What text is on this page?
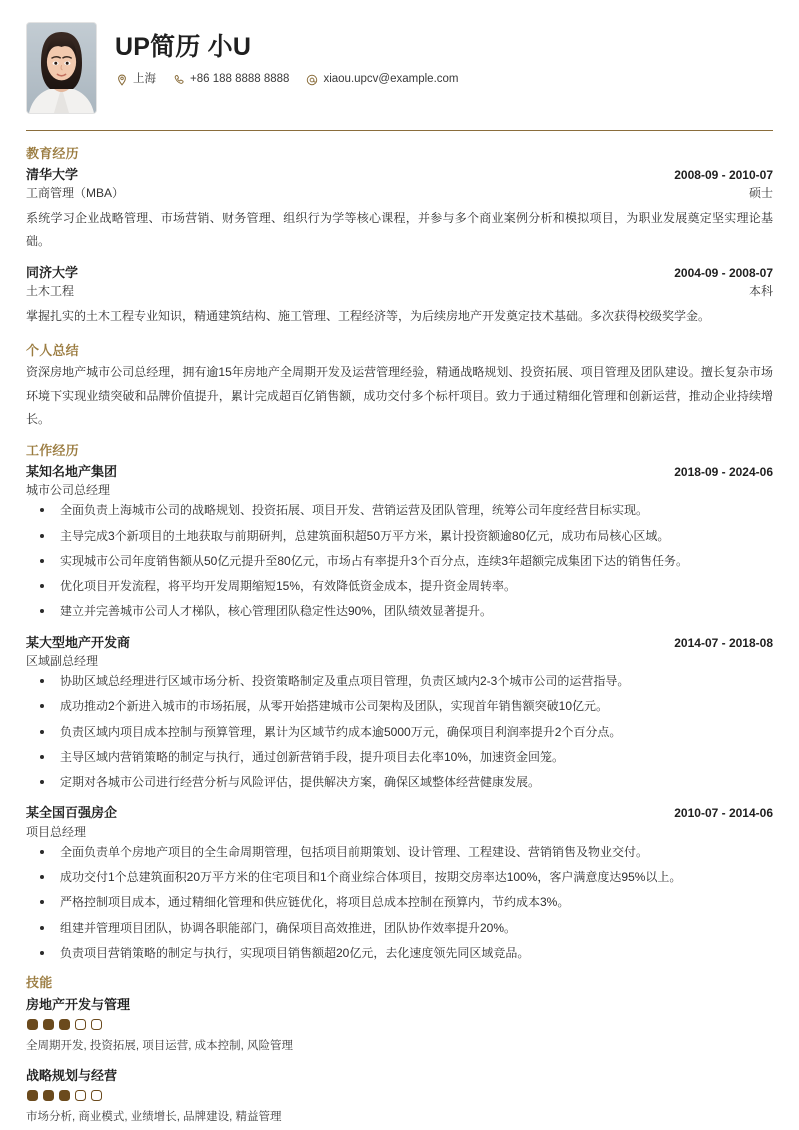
UP简历 小U
上海	+86 188 8888 8888	xiaou.upcv@example.com
教育经历
清华大学	2008-09 - 2010-07
工商管理（MBA）	硕士
系统学习企业战略管理、市场营销、财务管理、组织行为学等核心课程，并参与多个商业案例分析和模拟项目，为职业发展奠定坚实理论基础。
同济大学	2004-09 - 2008-07
土木工程	本科
掌握扎实的土木工程专业知识，精通建筑结构、施工管理、工程经济等，为后续房地产开发奠定技术基础。多次获得校级奖学金。
个人总结
资深房地产城市公司总经理，拥有逾15年房地产全周期开发及运营管理经验，精通战略规划、投资拓展、项目管理及团队建设。擅长复杂市场环境下实现业绩突破和品牌价值提升，累计完成超百亿销售额，成功交付多个标杆项目。致力于通过精细化管理和创新运营，推动企业持续增长。
工作经历
某知名地产集团	2018-09 - 2024-06
城市公司总经理
全面负责上海城市公司的战略规划、投资拓展、项目开发、营销运营及团队管理，统筹公司年度经营目标实现。
主导完成3个新项目的土地获取与前期研判，总建筑面积超50万平方米，累计投资额逾80亿元，成功布局核心区域。
实现城市公司年度销售额从50亿元提升至80亿元，市场占有率提升3个百分点，连续3年超额完成集团下达的销售任务。
优化项目开发流程，将平均开发周期缩短15%，有效降低资金成本，提升资金周转率。
建立并完善城市公司人才梯队，核心管理团队稳定性达90%，团队绩效显著提升。
某大型地产开发商	2014-07 - 2018-08
区域副总经理
协助区域总经理进行区域市场分析、投资策略制定及重点项目管理，负责区域内2-3个城市公司的运营指导。
成功推动2个新进入城市的市场拓展，从零开始搭建城市公司架构及团队，实现首年销售额突破10亿元。
负责区域内项目成本控制与预算管理，累计为区域节约成本逾5000万元，确保项目利润率提升2个百分点。
主导区域内营销策略的制定与执行，通过创新营销手段，提升项目去化率10%，加速资金回笼。
定期对各城市公司进行经营分析与风险评估，提供解决方案，确保区域整体经营健康发展。
某全国百强房企	2010-07 - 2014-06
项目总经理
全面负责单个房地产项目的全生命周期管理，包括项目前期策划、设计管理、工程建设、营销销售及物业交付。
成功交付1个总建筑面积20万平方米的住宅项目和1个商业综合体项目，按期交房率达100%，客户满意度达95%以上。
严格控制项目成本，通过精细化管理和供应链优化，将项目总成本控制在预算内，节约成本3%。
组建并管理项目团队，协调各职能部门，确保项目高效推进，团队协作效率提升20%。
负责项目营销策略的制定与执行，实现项目销售额超20亿元，去化速度领先同区域竞品。
技能
房地产开发与管理
全周期开发, 投资拓展, 项目运营, 成本控制, 风险管理
战略规划与经营
市场分析, 商业模式, 业绩增长, 品牌建设, 精益管理
